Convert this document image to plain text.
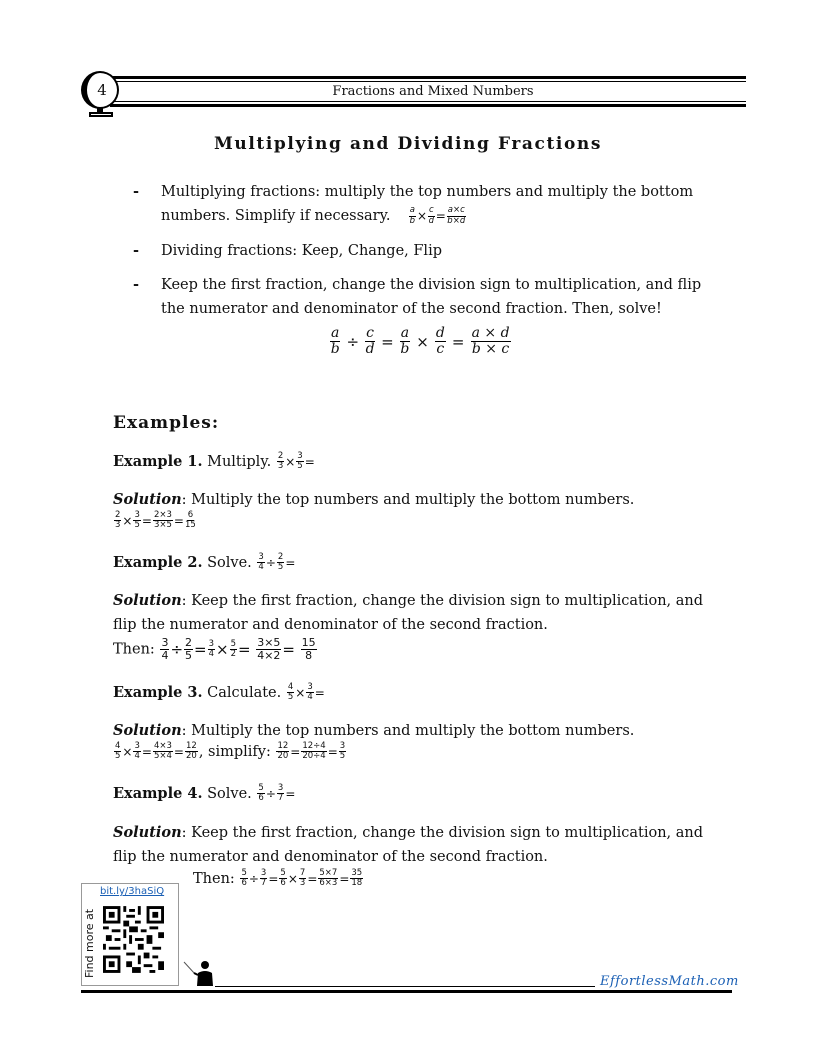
4	Fractions and Mixed Numbers
Multiplying and Dividing Fractions
- Multiplying fractions: multiply the top numbers and multiply the bottom
numbers. Simplify if necessary. $\frac{a}{b} \times \frac{c}{d} = \frac{a\times c}{b\times d}$
- Dividing fractions: Keep, Change, Flip
- Keep the first fraction, change the division sign to multiplication, and flip
the numerator and denominator of the second fraction. Then, solve!
$\frac{a}{b} \div \frac{c}{d} = \frac{a}{b} \times \frac{d}{c} = \frac{a \times d}{b \times c}$
Examples:
Example 1. Multiply. $\frac{2}{3} \times \frac{3}{5}$ =
Solution: Multiply the top numbers and multiply the bottom numbers.
$\frac{2}{3} \times \frac{3}{5} = \frac{2\times 3}{3\times 5} = \frac{6}{15}$
Example 2. Solve. $\frac{3}{4} \div \frac{2}{5}$ =
Solution: Keep the first fraction, change the division sign to multiplication, and
flip the numerator and denominator of the second fraction.
Then: $\frac{3}{4} \div \frac{2}{5} = \frac{3}{4} \times \frac{5}{2} = \frac{3\times 5}{4\times 2} = \frac{15}{8}$
Example 3. Calculate. $\frac{4}{5} \times \frac{3}{4}$ =
Solution: Multiply the top numbers and multiply the bottom numbers.
$\frac{4}{5} \times \frac{3}{4} = \frac{4\times 3}{5\times 4} = \frac{12}{20}$ , simplify: $\frac{12}{20} = \frac{12\div 4}{20\div 4} = \frac{3}{5}$
Example 4. Solve. $\frac{5}{6} \div \frac{3}{7}$ =
Solution: Keep the first fraction, change the division sign to multiplication, and
flip the numerator and denominator of the second fraction.
Then: $\frac{5}{6} \div \frac{3}{7} = \frac{5}{6} \times \frac{7}{3} = \frac{5\times 7}{6\times 3} = \frac{35}{18}$
bit.ly/3haSiQ
Find more at
EffortlessMath.com
